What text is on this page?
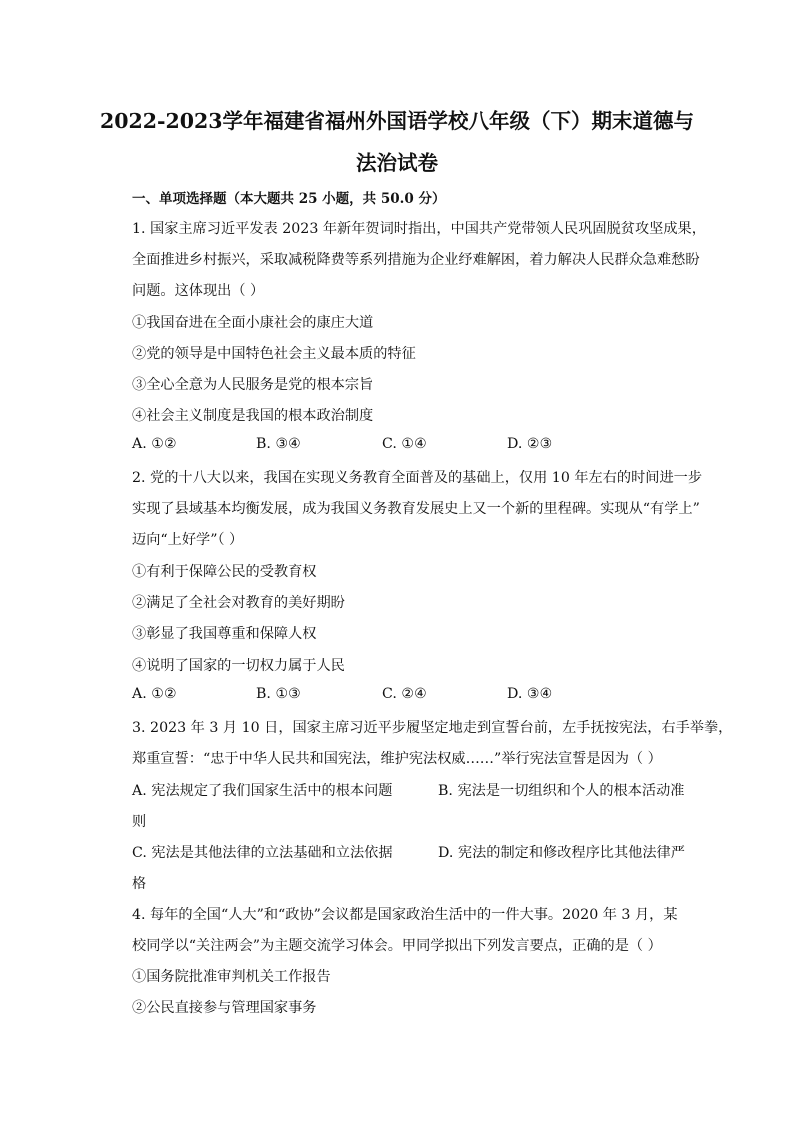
2022-2023学年福建省福州外国语学校八年级（下）期末道德与
法治试卷
一、单项选择题（本大题共 25 小题，共 50.0 分）
1. 国家主席习近平发表 2023 年新年贺词时指出，中国共产党带领人民巩固脱贫攻坚成果，
全面推进乡村振兴，采取减税降费等系列措施为企业纾难解困，着力解决人民群众急难愁盼
问题。这体现出（ ）
①我国奋进在全面小康社会的康庄大道
②党的领导是中国特色社会主义最本质的特征
③全心全意为人民服务是党的根本宗旨
④社会主义制度是我国的根本政治制度
A. ①②	B. ③④	C. ①④	D. ②③
2. 党的十八大以来，我国在实现义务教育全面普及的基础上，仅用 10 年左右的时间进一步
实现了县域基本均衡发展，成为我国义务教育发展史上又一个新的里程碑。实现从“有学上”
迈向“上好学”（ ）
①有利于保障公民的受教育权
②满足了全社会对教育的美好期盼
③彰显了我国尊重和保障人权
④说明了国家的一切权力属于人民
A. ①②	B. ①③	C. ②④	D. ③④
3. 2023 年 3 月 10 日，国家主席习近平步履坚定地走到宣誓台前，左手抚按宪法，右手举拳，
郑重宣誓：“忠于中华人民共和国宪法，维护宪法权威……”举行宪法宣誓是因为（ ）
A. 宪法规定了我们国家生活中的根本问题	B. 宪法是一切组织和个人的根本活动准
则
C. 宪法是其他法律的立法基础和立法依据	D. 宪法的制定和修改程序比其他法律严
格
4. 每年的全国“人大”和“政协”会议都是国家政治生活中的一件大事。2020 年 3 月，某
校同学以“关注两会”为主题交流学习体会。甲同学拟出下列发言要点，正确的是（ ）
①国务院批准审判机关工作报告
②公民直接参与管理国家事务
